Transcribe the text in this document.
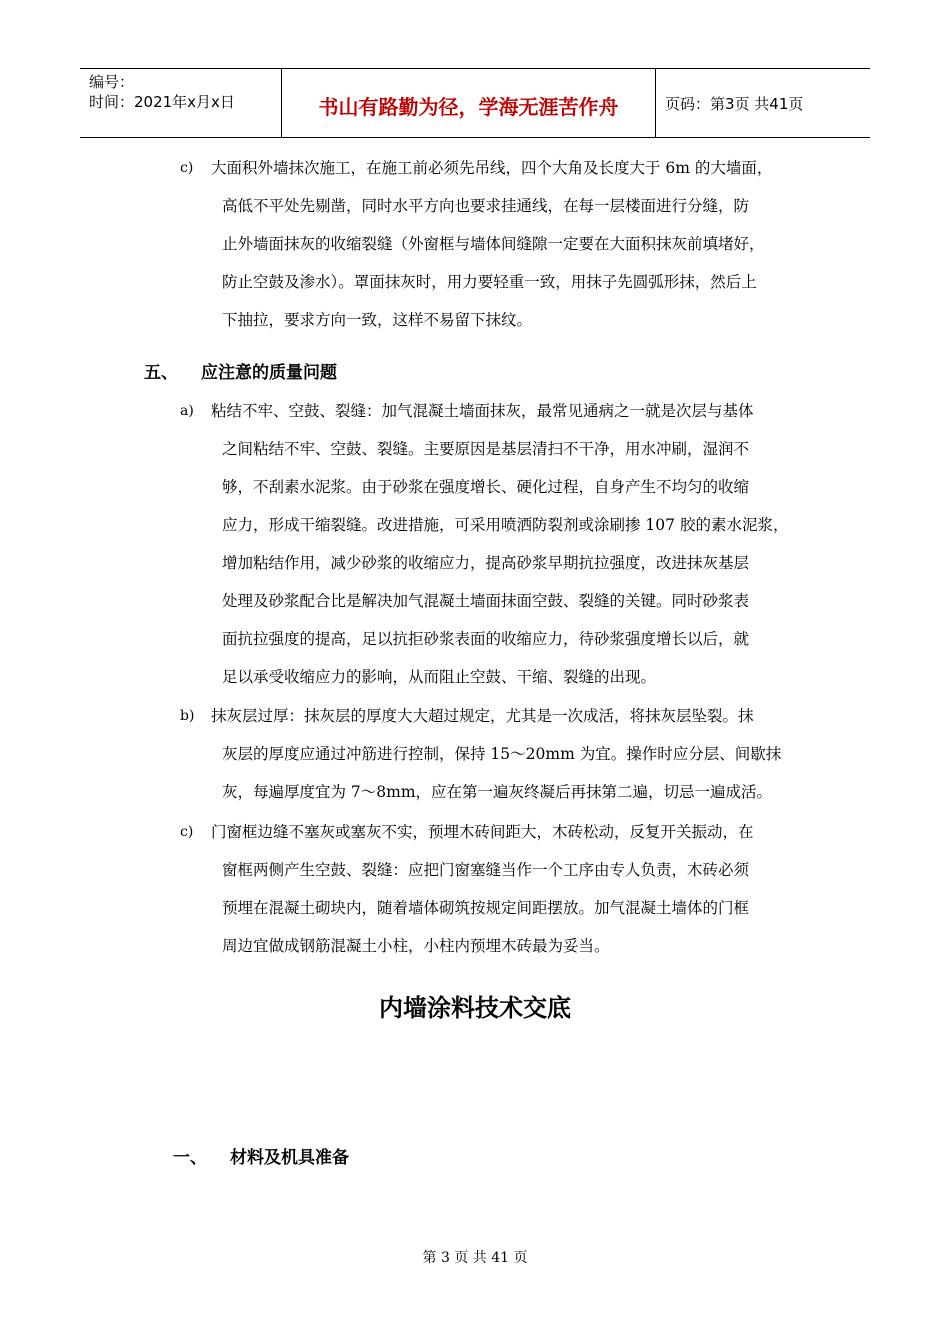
编号：
时间：2021年x月x日	书山有路勤为径，学海无涯苦作舟	页码：第3页 共41页
c) 大面积外墙抹次施工，在施工前必须先吊线，四个大角及长度大于 6m 的大墙面，
高低不平处先剔凿，同时水平方向也要求挂通线，在每一层楼面进行分缝，防
止外墙面抹灰的收缩裂缝（外窗框与墙体间缝隙一定要在大面积抹灰前填堵好，
防止空鼓及渗水）。罩面抹灰时，用力要轻重一致，用抹子先圆弧形抹，然后上
下抽拉，要求方向一致，这样不易留下抹纹。
五、 应注意的质量问题
a) 粘结不牢、空鼓、裂缝：加气混凝土墙面抹灰，最常见通病之一就是次层与基体
之间粘结不牢、空鼓、裂缝。主要原因是基层清扫不干净，用水冲刷，湿润不
够，不刮素水泥浆。由于砂浆在强度增长、硬化过程，自身产生不均匀的收缩
应力，形成干缩裂缝。改进措施，可采用喷洒防裂剂或涂刷掺 107 胶的素水泥浆，
增加粘结作用，减少砂浆的收缩应力，提高砂浆早期抗拉强度，改进抹灰基层
处理及砂浆配合比是解决加气混凝土墙面抹面空鼓、裂缝的关键。同时砂浆表
面抗拉强度的提高，足以抗拒砂浆表面的收缩应力，待砂浆强度增长以后，就
足以承受收缩应力的影响，从而阻止空鼓、干缩、裂缝的出现。
b) 抹灰层过厚：抹灰层的厚度大大超过规定，尤其是一次成活，将抹灰层坠裂。抹
灰层的厚度应通过冲筋进行控制，保持 15～20mm 为宜。操作时应分层、间歇抹
灰，每遍厚度宜为 7～8mm，应在第一遍灰终凝后再抹第二遍，切忌一遍成活。
c) 门窗框边缝不塞灰或塞灰不实，预埋木砖间距大，木砖松动，反复开关振动，在
窗框两侧产生空鼓、裂缝：应把门窗塞缝当作一个工序由专人负责，木砖必须
预埋在混凝土砌块内，随着墙体砌筑按规定间距摆放。加气混凝土墙体的门框
周边宜做成钢筋混凝土小柱，小柱内预埋木砖最为妥当。
内墙涂料技术交底
一、 材料及机具准备
第 3 页 共 41 页
